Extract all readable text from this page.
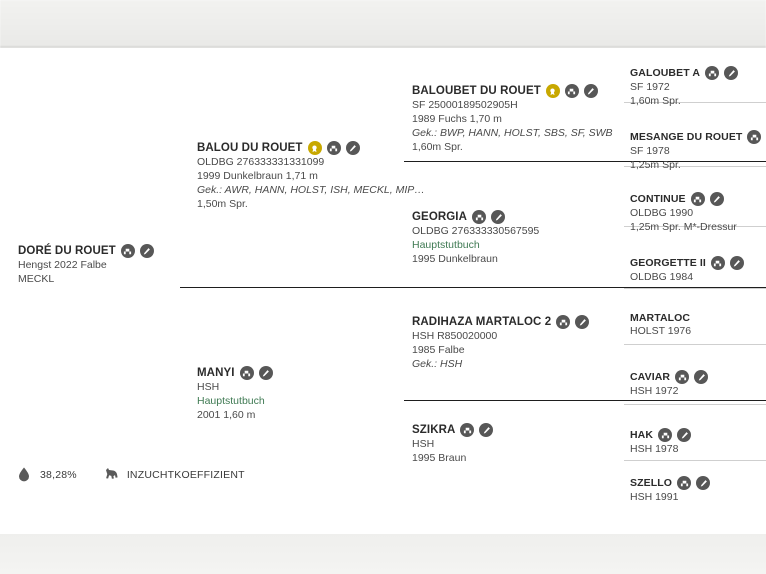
DORÉ DU ROUET
Hengst 2022 Falbe
MECKL
BALOU DU ROUET
OLDBG 276333331331099
1999 Dunkelbraun 1,71 m
Gek.: AWR, HANN, HOLST, ISH, MECKL, MIP…
1,50m Spr.
MANYI
HSH
Hauptstutbuch
2001 1,60 m
BALOUBET DU ROUET
SF 25000189502905H
1989 Fuchs 1,70 m
Gek.: BWP, HANN, HOLST, SBS, SF, SWB
1,60m Spr.
GEORGIA
OLDBG 276333330567595
Hauptstutbuch
1995 Dunkelbraun
RADIHAZA MARTALOC 2
HSH R850020000
1985 Falbe
Gek.: HSH
SZIKRA
HSH
1995 Braun
GALOUBET A
SF 1972
1,60m Spr.
MESANGE DU ROUET
SF 1978
1,25m Spr.
CONTINUE
OLDBG 1990
1,25m Spr. M*-Dressur
GEORGETTE II
OLDBG 1984
MARTALOC
HOLST 1976
CAVIAR
HSH 1972
HAK
HSH 1978
SZELLO
HSH 1991
38,28%	INZUCHTKOEFFIZIENT
